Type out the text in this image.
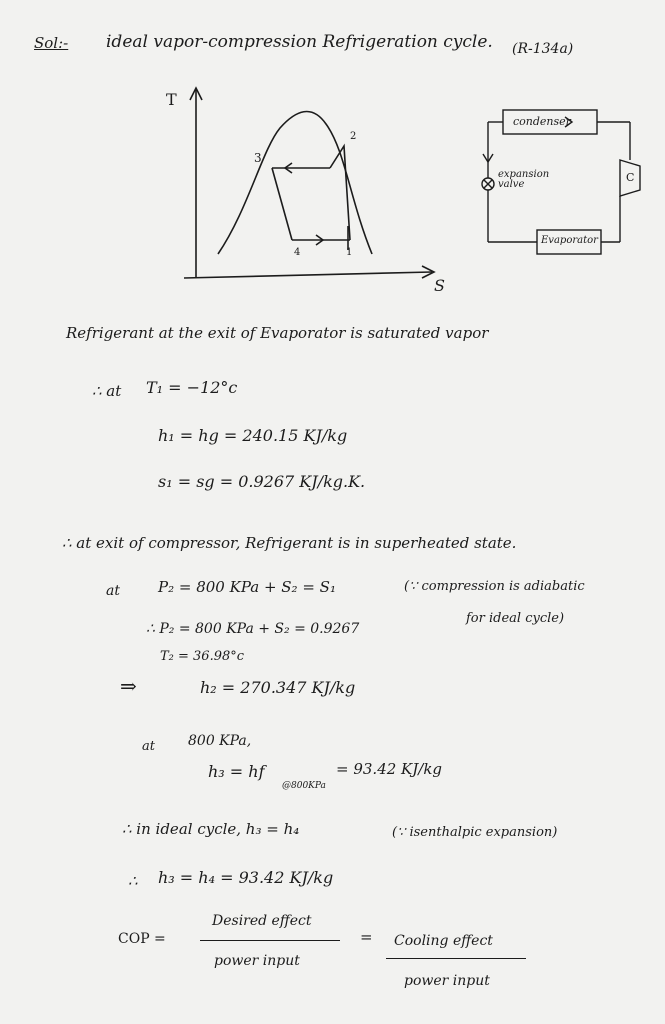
Sol:- ideal vapor-compression Refrigeration cycle. (R-134a)
T
S
3
2
4	1
condenser
expansion valve
C
Evaporator
Refrigerant at the exit of Evaporator is saturated vapor
∴ at T₁ = −12°c
h₁ = hg = 240.15 KJ/kg
s₁ = sg = 0.9267 KJ/kg.K.
∴ at exit of compressor, Refrigerant is in superheated state.
at	P₂ = 800 KPa + S₂ = S₁	(∵ compression is adiabatic
for ideal cycle)
∴ P₂ = 800 KPa + S₂ = 0.9267
T₂ = 36.98°c
⇒	h₂ = 270.347 KJ/kg
at 800 KPa,
h₃ = hf
@800KPa
= 93.42 KJ/kg
∴ in ideal cycle, h₃ = h₄	(∵ isenthalpic expansion)
∴ h₃ = h₄ = 93.42 KJ/kg
COP =
Desired effect
power input
= Cooling effect
power input
